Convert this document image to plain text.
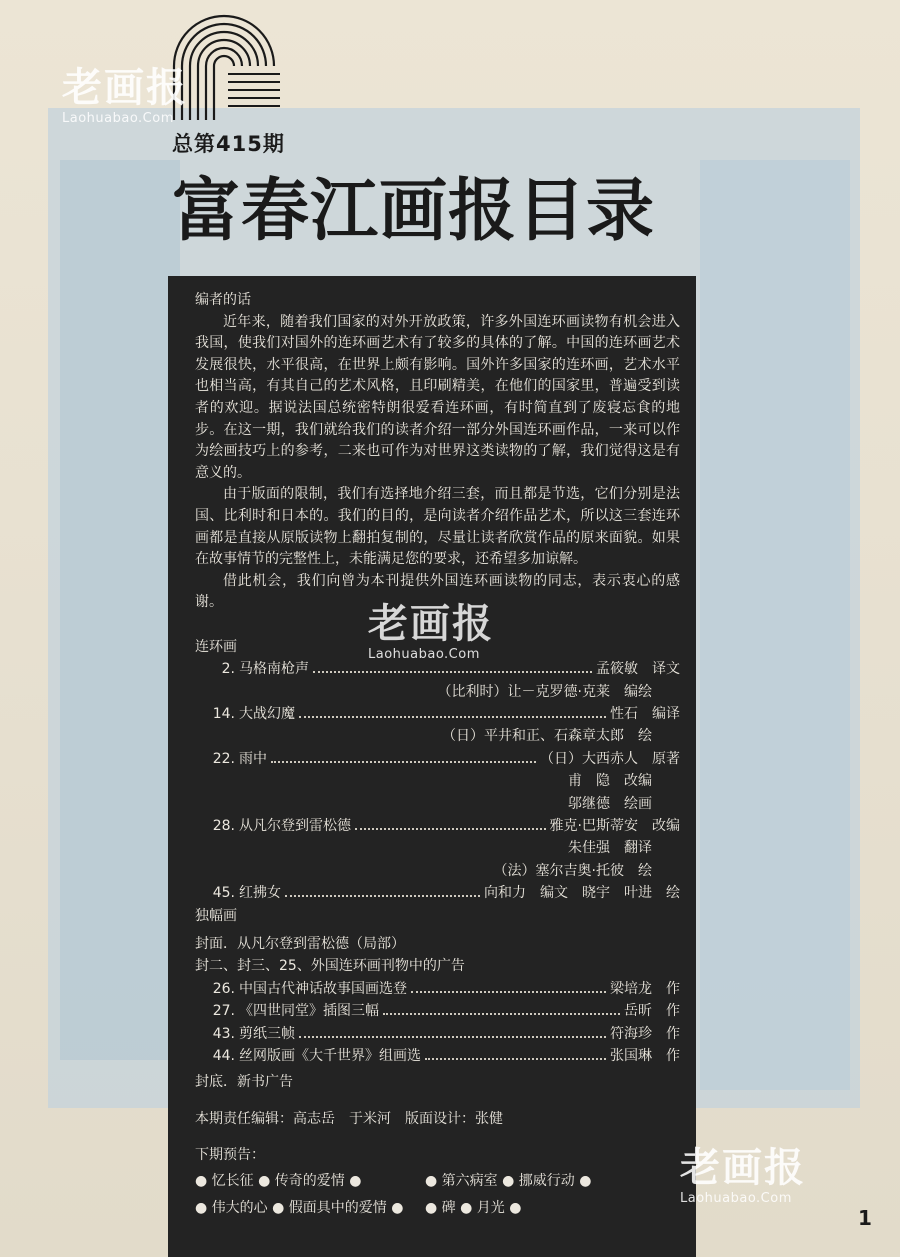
老画报
Laohuabao.Com
总第415期
富春江画报目录

编者的话

近年来，随着我们国家的对外开放政策，许多外国连环画读物有机会进入我国，使我们对国外的连环画艺术有了较多的具体的了解。中国的连环画艺术发展很快，水平很高，在世界上颇有影响。国外许多国家的连环画，艺术水平也相当高，有其自己的艺术风格，且印刷精美，在他们的国家里，普遍受到读者的欢迎。据说法国总统密特朗很爱看连环画，有时简直到了废寝忘食的地步。在这一期，我们就给我们的读者介绍一部分外国连环画作品，一来可以作为绘画技巧上的参考，二来也可作为对世界这类读物的了解，我们觉得这是有意义的。

由于版面的限制，我们有选择地介绍三套，而且都是节选，它们分别是法国、比利时和日本的。我们的目的，是向读者介绍作品艺术，所以这三套连环画都是直接从原版读物上翻拍复制的，尽量让读者欣赏作品的原来面貌。如果在故事情节的完整性上，未能满足您的要求，还希望多加谅解。

借此机会，我们向曾为本刊提供外国连环画读物的同志，表示衷心的感谢。

连环画
2. 马格南枪声	孟筱敏　译文
（比利时）让－克罗德·克莱　编绘
14. 大战幻魔	性石　编译
（日）平井和正、石森章太郎　绘
22. 雨中	（日）大西赤人　原著
甫　隐　改编
邬继德　绘画
28. 从凡尔登到雷松德	雅克·巴斯蒂安　改编
朱佳强　翻译
（法）塞尔吉奥·托彼　绘
45. 红拂女	向和力　编文　晓宇　叶进　绘
独幅画
封面．从凡尔登到雷松德（局部）
封二、封三、25、外国连环画刊物中的广告
26. 中国古代神话故事国画选登	梁培龙　作
27. 《四世同堂》插图三幅	岳昕　作
43. 剪纸三帧	符海珍　作
44. 丝网版画《大千世界》组画选	张国琳　作
封底．新书广告
本期责任编辑：高志岳　于米河　版面设计：张健
下期预告：
● 忆长征 ● 传奇的爱情 ●	● 第六病室 ● 挪威行动 ●
● 伟大的心 ● 假面具中的爱情 ●	● 碑 ● 月光 ●
老画报
Laohuabao.Com
老画报
Laohuabao.Com
1
